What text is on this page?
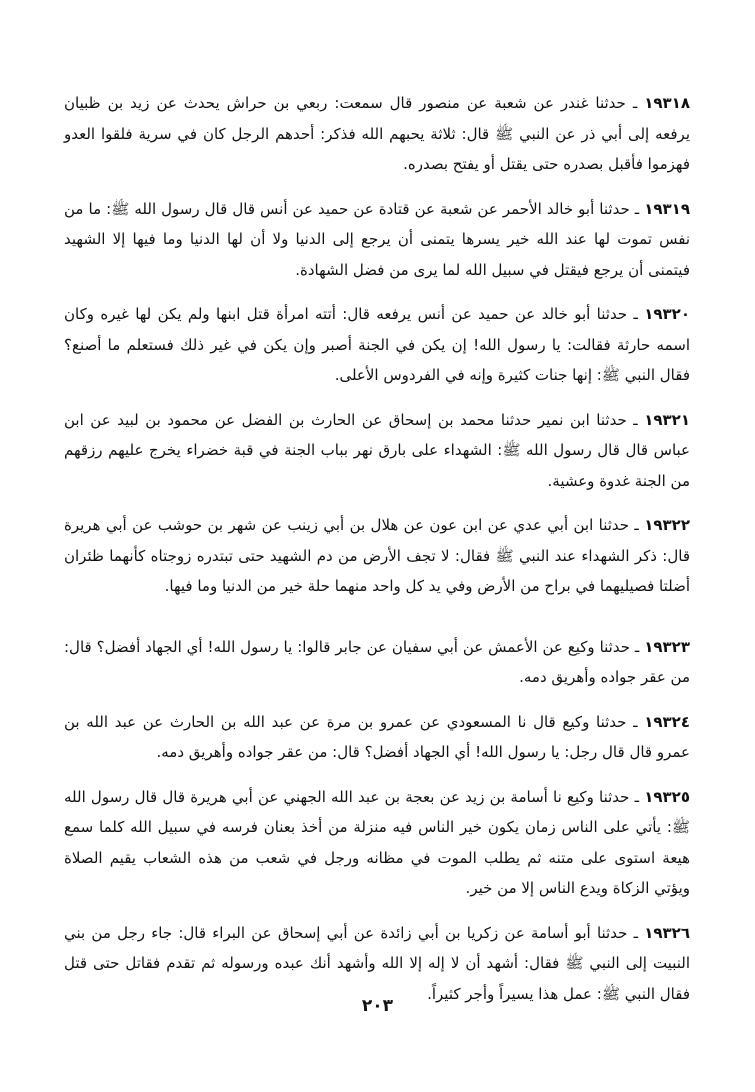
١٩٣١٨ ـ حدثنا غندر عن شعبة عن منصور قال سمعت: ربعي بن حراش يحدث عن زيد بن ظبيان يرفعه إلى أبي ذر عن النبي ﷺ قال: ثلاثة يحبهم الله فذكر: أحدهم الرجل كان في سرية فلقوا العدو فهزموا فأقبل بصدره حتى يقتل أو يفتح بصدره.

١٩٣١٩ ـ حدثنا أبو خالد الأحمر عن شعبة عن قتادة عن حميد عن أنس قال قال رسول الله ﷺ: ما من نفس تموت لها عند الله خير يسرها يتمنى أن يرجع إلى الدنيا ولا أن لها الدنيا وما فيها إلا الشهيد فيتمنى أن يرجع فيقتل في سبيل الله لما يرى من فضل الشهادة.

١٩٣٢٠ ـ حدثنا أبو خالد عن حميد عن أنس يرفعه قال: أتته امرأة قتل ابنها ولم يكن لها غيره وكان اسمه حارثة فقالت: يا رسول الله! إن يكن في الجنة أصبر وإن يكن في غير ذلك فستعلم ما أصنع؟ فقال النبي ﷺ: إنها جنات كثيرة وإنه في الفردوس الأعلى.

١٩٣٢١ ـ حدثنا ابن نمير حدثنا محمد بن إسحاق عن الحارث بن الفضل عن محمود بن لبيد عن ابن عباس قال قال رسول الله ﷺ: الشهداء على بارق نهر بباب الجنة في قبة خضراء يخرج عليهم رزقهم من الجنة غدوة وعشية.

١٩٣٢٢ ـ حدثنا ابن أبي عدي عن ابن عون عن هلال بن أبي زينب عن شهر بن حوشب عن أبي هريرة قال: ذكر الشهداء عند النبي ﷺ فقال: لا تجف الأرض من دم الشهيد حتى تبتدره زوجتاه كأنهما ظئران أضلتا فصيليهما في براح من الأرض وفي يد كل واحد منهما حلة خير من الدنيا وما فيها.

١٩٣٢٣ ـ حدثنا وكيع عن الأعمش عن أبي سفيان عن جابر قالوا: يا رسول الله! أي الجهاد أفضل؟ قال: من عقر جواده وأهريق دمه.

١٩٣٢٤ ـ حدثنا وكيع قال نا المسعودي عن عمرو بن مرة عن عبد الله بن الحارث عن عبد الله بن عمرو قال قال رجل: يا رسول الله! أي الجهاد أفضل؟ قال: من عقر جواده وأهريق دمه.

١٩٣٢٥ ـ حدثنا وكيع نا أسامة بن زيد عن بعجة بن عبد الله الجهني عن أبي هريرة قال قال رسول الله ﷺ: يأتي على الناس زمان يكون خير الناس فيه منزلة من أخذ بعنان فرسه في سبيل الله كلما سمع هيعة استوى على متنه ثم يطلب الموت في مظانه ورجل في شعب من هذه الشعاب يقيم الصلاة ويؤتي الزكاة ويدع الناس إلا من خير.

١٩٣٢٦ ـ حدثنا أبو أسامة عن زكريا بن أبي زائدة عن أبي إسحاق عن البراء قال: جاء رجل من بني النبيت إلى النبي ﷺ فقال: أشهد أن لا إله إلا الله وأشهد أنك عبده ورسوله ثم تقدم فقاتل حتى قتل فقال النبي ﷺ: عمل هذا يسيراً وأجر كثيراً.

٢٠٣
